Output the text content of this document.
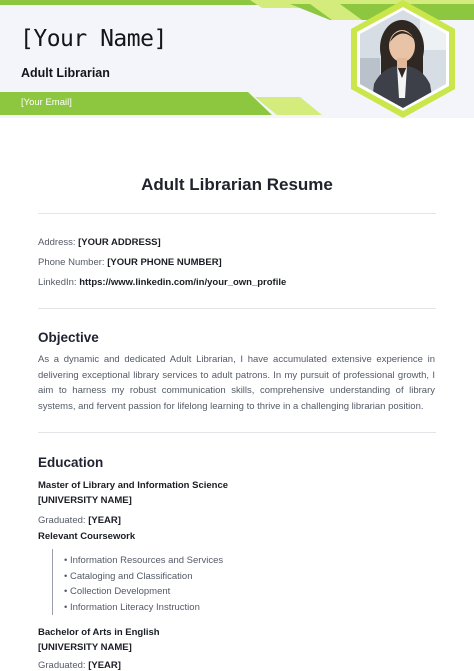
[Your Name]
Adult Librarian
[Your Email]
Adult Librarian Resume
Address: [YOUR ADDRESS]
Phone Number: [YOUR PHONE NUMBER]
LinkedIn: https://www.linkedin.com/in/your_own_profile
Objective
As a dynamic and dedicated Adult Librarian, I have accumulated extensive experience in delivering exceptional library services to adult patrons. In my pursuit of professional growth, I aim to harness my robust communication skills, comprehensive understanding of library systems, and fervent passion for lifelong learning to thrive in a challenging librarian position.
Education
Master of Library and Information Science
[UNIVERSITY NAME]
Graduated: [YEAR]
Relevant Coursework
• Information Resources and Services
• Cataloging and Classification
• Collection Development
• Information Literacy Instruction
Bachelor of Arts in English
[UNIVERSITY NAME]
Graduated: [YEAR]
